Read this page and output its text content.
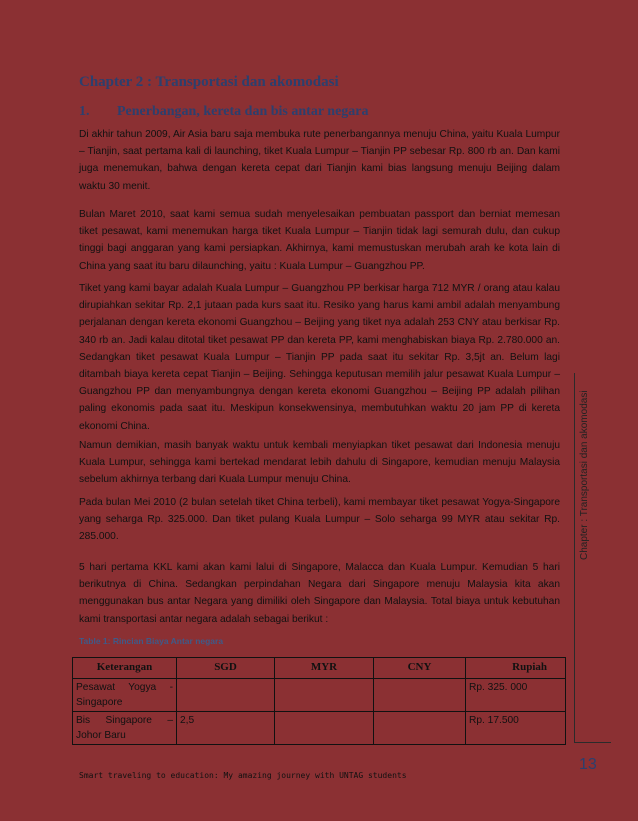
Chapter 2 : Transportasi dan akomodasi
1. Penerbangan, kereta dan bis antar negara

Di akhir tahun 2009, Air Asia baru saja membuka rute penerbangannya menuju China, yaitu Kuala Lumpur – Tianjin, saat pertama kali di launching, tiket Kuala Lumpur – Tianjin PP sebesar Rp. 800 rb an. Dan kami juga menemukan, bahwa dengan kereta cepat dari Tianjin kami bias langsung menuju Beijing dalam waktu 30 menit.

Bulan Maret 2010, saat kami semua sudah menyelesaikan pembuatan passport dan berniat memesan tiket pesawat, kami menemukan harga tiket Kuala Lumpur – Tianjin tidak lagi semurah dulu, dan cukup tinggi bagi anggaran yang kami persiapkan. Akhirnya, kami memustuskan merubah arah ke kota lain di China yang saat itu baru dilaunching, yaitu : Kuala Lumpur – Guangzhou PP.

Tiket yang kami bayar adalah Kuala Lumpur – Guangzhou PP berkisar harga 712 MYR / orang atau kalau dirupiahkan sekitar Rp. 2,1 jutaan pada kurs saat itu. Resiko yang harus kami ambil adalah menyambung perjalanan dengan kereta ekonomi Guangzhou – Beijing yang tiket nya adalah 253 CNY atau berkisar Rp. 340 rb an. Jadi kalau ditotal tiket pesawat PP dan kereta PP, kami menghabiskan biaya Rp. 2.780.000 an. Sedangkan tiket pesawat Kuala Lumpur – Tianjin PP pada saat itu sekitar Rp. 3,5jt an. Belum lagi ditambah biaya kereta cepat Tianjin – Beijing. Sehingga keputusan memilih jalur pesawat Kuala Lumpur – Guangzhou PP dan menyambungnya dengan kereta ekonomi Guangzhou – Beijing PP adalah pilihan paling ekonomis pada saat itu. Meskipun konsekwensinya, membutuhkan waktu 20 jam PP di kereta ekonomi China.

Namun demikian, masih banyak waktu untuk kembali menyiapkan tiket pesawat dari Indonesia menuju Kuala Lumpur, sehingga kami bertekad mendarat lebih dahulu di Singapore, kemudian menuju Malaysia sebelum akhirnya terbang dari Kuala Lumpur menuju China.

Pada bulan Mei 2010 (2 bulan setelah tiket China terbeli), kami membayar tiket pesawat Yogya-Singapore yang seharga Rp. 325.000. Dan tiket pulang Kuala Lumpur – Solo seharga 99 MYR atau sekitar Rp. 285.000.

5 hari pertama KKL kami akan kami lalui di Singapore, Malacca dan Kuala Lumpur. Kemudian 5 hari berikutnya di China. Sedangkan perpindahan Negara dari Singapore menuju Malaysia kita akan menggunakan bus antar Negara yang dimiliki oleh Singapore dan Malaysia. Total biaya untuk kebutuhan kami transportasi antar negara adalah sebagai berikut :

Table 1: Rincian Biaya Antar negara

Keterangan	SGD	MYR	CNY	Rupiah

Pesawat Yogya -
Singapore				Rp. 325. 000

Bis Singapore –
Johor Baru	2,5			Rp. 17.500

Smart traveling to education: My amazing journey with UNTAG students

Chapter : Transportasi dan akomodasi
13
